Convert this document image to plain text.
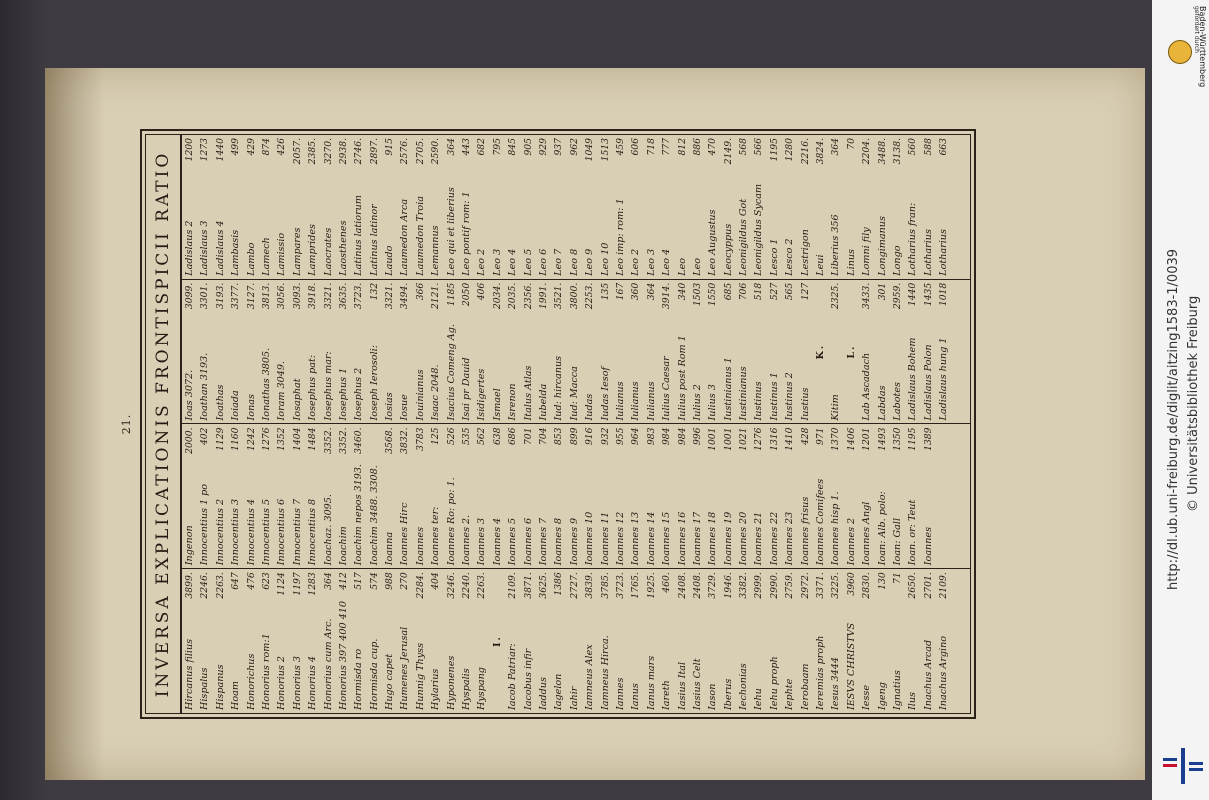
21.	INVERSA EXPLICATIONIS FRONTISPICII RATIO	Hircanus filius
3899.
Hispalus
2246.
Hispanus
2263.
Hoam
647
Honorichus
476
Honorius rom:1
623
Honorius 2
1124
Honorius 3
1197
Honorius 4
1283
Honorius cum Arc.
364
Honorius 397 400 410
412
Hormisda ro
517
Hormisda cup.
574
Hugo capet
988
Humenes Jerusal
270
Hunnig Thyss
2284.
Hylarius
404
Hyponenes
3246.
Hyspalis
2240.
Hyspang
2263.
I.
Iacob Patriar:
2109.
Iacobus infir
3871.
Iaddus
3625.
Iagelon
1386
Iahir
2727.
Iamneus Alex
3839.
Iamneus Hirca.
3785.
Iannes
3723.
Ianus
1765.
Ianus mars
1925.
Iareth
460.
Iasius Ital
2408.
Iasius Celt
2408.
Iason
3729.
Iberus
1946.
Iechonias
3382.
Iehu
2999.
Iehu proph
2990.
Iephte
2759.
Ierobaam
2972.
Ieremias proph
3371.
Iesus 3444
3225.
IESVS CHRISTVS
3960
Iesse
2830.
Igeng
130
Ignatius
71
Ilus
2650.
Inachus Arcad
2701.
Inachus Argino
2109.
Ingenon
2000.
Innocentius 1 po
402
Innocentius 2
1129
Innocentius 3
1160
Innocentius 4
1242
Innocentius 5
1276
Innocentius 6
1352
Innocentius 7
1404
Innocentius 8
1484
Ioachaz. 3095.
3352.
Ioachim
3352.
Ioachim nepos 3193.
3460.
Ioachim 3488. 3308. Ioanna
3568.
Ioannes Hirc
3832.
Ioannes
3783
Ioannes ter:
125
Ioannes Ro: po: 1.
526
Ioannes 2.
535
Ioannes 3
562
Ioannes 4
638
Ioannes 5
686
Ioannes 6
701
Ioannes 7
704
Ioannes 8
853
Ioannes 9
899
Ioannes 10
916
Ioannes 11
932
Ioannes 12
955
Ioannes 13
964
Ioannes 14
983
Ioannes 15
984
Ioannes 16
984
Ioannes 17
996
Ioannes 18
1001
Ioannes 19
1001
Ioannes 20
1021
Ioannes 21
1276
Ioannes 22
1316
Ioannes 23
1410
Ioannes frisus
428
Ioannes Comifees
971
Ioannes hisp 1.
1370
Ioannes 2
1406
Ioannes Angl
1201
Ioan: Alb. polo:
1493
Ioan: Gall
1350
Ioan. or: Teut
1195
Ioannes
1389
Ioas 3072.
3099.
Ioathan 3193.
3301.
Ioathas
3193.
Ioiada
3377.
Ionas
3127.
Ionathas 3805.
3813.
Ioram 3049.
3056.
Iosaphat
3093.
Iosephus pat:
3918.
Iosephus mar:
3321.
Iosephus 1
3635.
Iosephus 2
3723.
Ioseph Ierosoli:
132
Iosias
3321.
Iosue
3494.
Iouinianus
366
Isaac 2048.
2121.
Isacius Comeng Ag.
1185
Isai pr Dauid
2050
Isidigertes
406
Ismael
2034.
Isrenon
2035.
Italus Atlas
2356.
Iubelda
1991.
Iud: hircanus
3521.
Iud: Macca
3800.
Iudas
2253.
Iudas Iesof
135
Iulianus
167
Iulianus
360
Iulianus
364
Iulius Caesar
3914.
Iulius post Rom 1
340
Iulius 2
1503
Iulius 3
1550
Iustinianus 1
685
Iustinianus
706
Iustinus
518
Iustinus 1
527
Iustinus 2
565
Iustius
127
K.
Kitim
2325.
L.
Lab Ascadach
3433.
Labdas
301
Labotes
2959.
Ladislaus Bohem
1440
Ladislaus Polon
1435
Ladislaus hung 1
1018
Ladislaus 2
1200
Ladislaus 3
1273
Ladislaus 4
1440
Lambasis
499
Lambo
429
Lamech
874
Lamissio
426
Lampares
2057.
Lamprides
2385.
Laocrates
3270.
Laosthenes
2938.
Latinus latiorum
2746.
Latinus latinor
2897.
Laudo
915
Laumedon Arca
2576.
Laumedon Troia
2705.
Lemannus
2590.
Leo qui et liberius
364
Leo pontif rom: 1
443
Leo 2
682
Leo 3
795
Leo 4
845
Leo 5
905
Leo 6
929
Leo 7
937
Leo 8
962
Leo 9
1049
Leo 10
1513
Leo imp: rom: 1
459
Leo 2
606
Leo 3
718
Leo 4
777
Leo
812
Leo
886
Leo Augustus
470
Leocyppus
2149.
Leonigildus Got
568
Leonigildus Sycam
566
Lesco 1
1195
Lesco 2
1280
Lestrigon
2216.
Leui
3824.
Liberius 356
364
Linus
70
Lomni fily
2204.
Longimanus
3488.
Longo
3138.
Lotharius fran:
560
Lotharius
588
Lotharius
663
gefördert durch
Baden-Württemberg
http://dl.ub.uni-freiburg.de/diglit/aitzing1583-1/0039 © Universitätsbibliothek Freiburg
